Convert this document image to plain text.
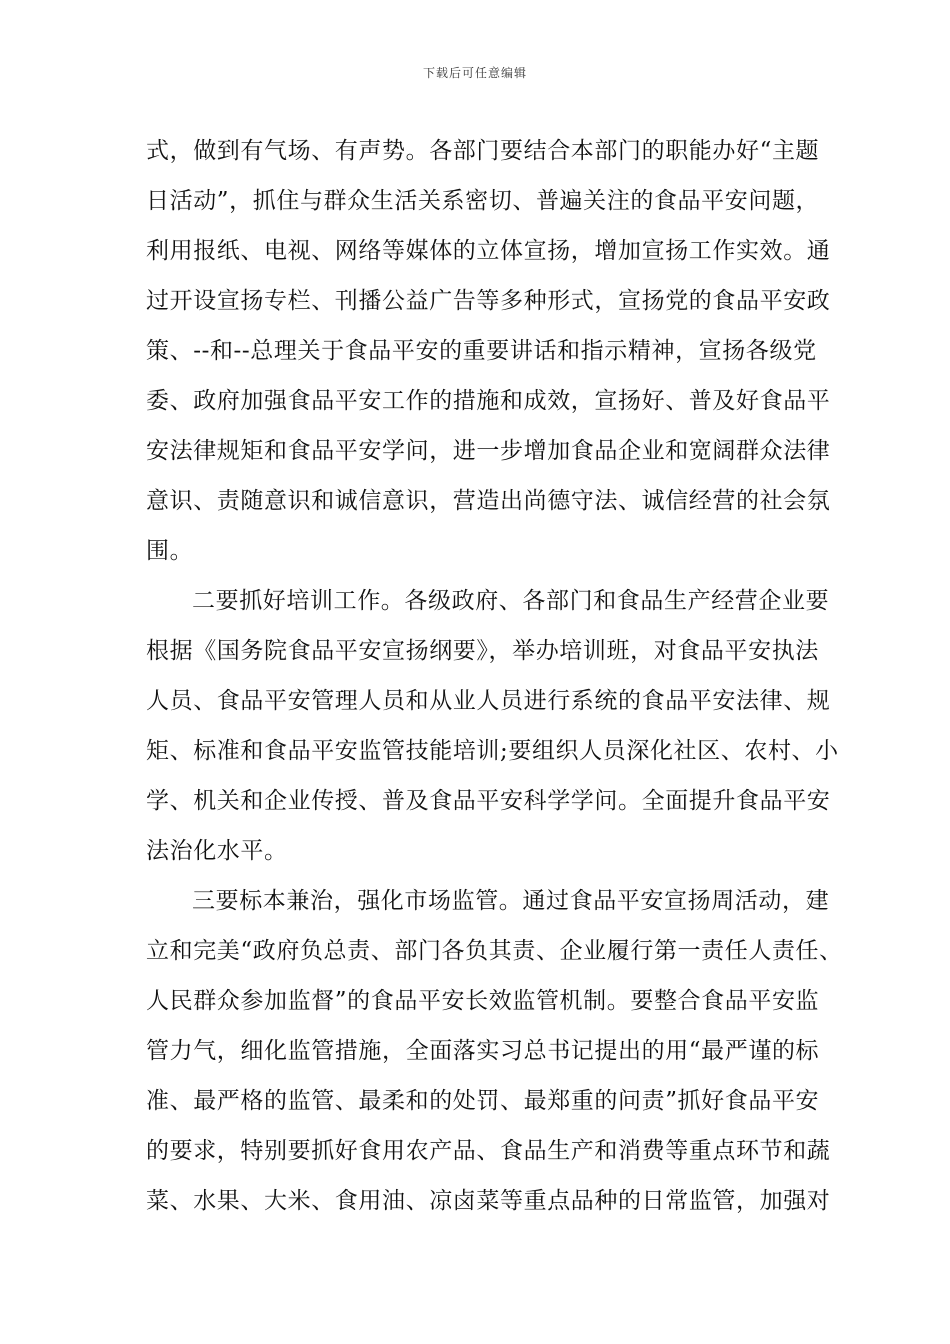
下载后可任意编辑
式，做到有气场、有声势。各部门要结合本部门的职能办好“主题
日活动”，抓住与群众生活关系密切、普遍关注的食品平安问题，
利用报纸、电视、网络等媒体的立体宣扬，增加宣扬工作实效。通
过开设宣扬专栏、刊播公益广告等多种形式，宣扬党的食品平安政
策、--和--总理关于食品平安的重要讲话和指示精神，宣扬各级党
委、政府加强食品平安工作的措施和成效，宣扬好、普及好食品平
安法律规矩和食品平安学问，进一步增加食品企业和宽阔群众法律
意识、责随意识和诚信意识，营造出尚德守法、诚信经营的社会氛
围。
二要抓好培训工作。各级政府、各部门和食品生产经营企业要
根据《国务院食品平安宣扬纲要》，举办培训班，对食品平安执法
人员、食品平安管理人员和从业人员进行系统的食品平安法律、规
矩、标准和食品平安监管技能培训;要组织人员深化社区、农村、小
学、机关和企业传授、普及食品平安科学学问。全面提升食品平安
法治化水平。
三要标本兼治，强化市场监管。通过食品平安宣扬周活动，建
立和完美“政府负总责、部门各负其责、企业履行第一责任人责任、
人民群众参加监督”的食品平安长效监管机制。要整合食品平安监
管力气，细化监管措施，全面落实习总书记提出的用“最严谨的标
准、最严格的监管、最柔和的处罚、最郑重的问责”抓好食品平安
的要求，特别要抓好食用农产品、食品生产和消费等重点环节和蔬
菜、水果、大米、食用油、凉卤菜等重点品种的日常监管，加强对
